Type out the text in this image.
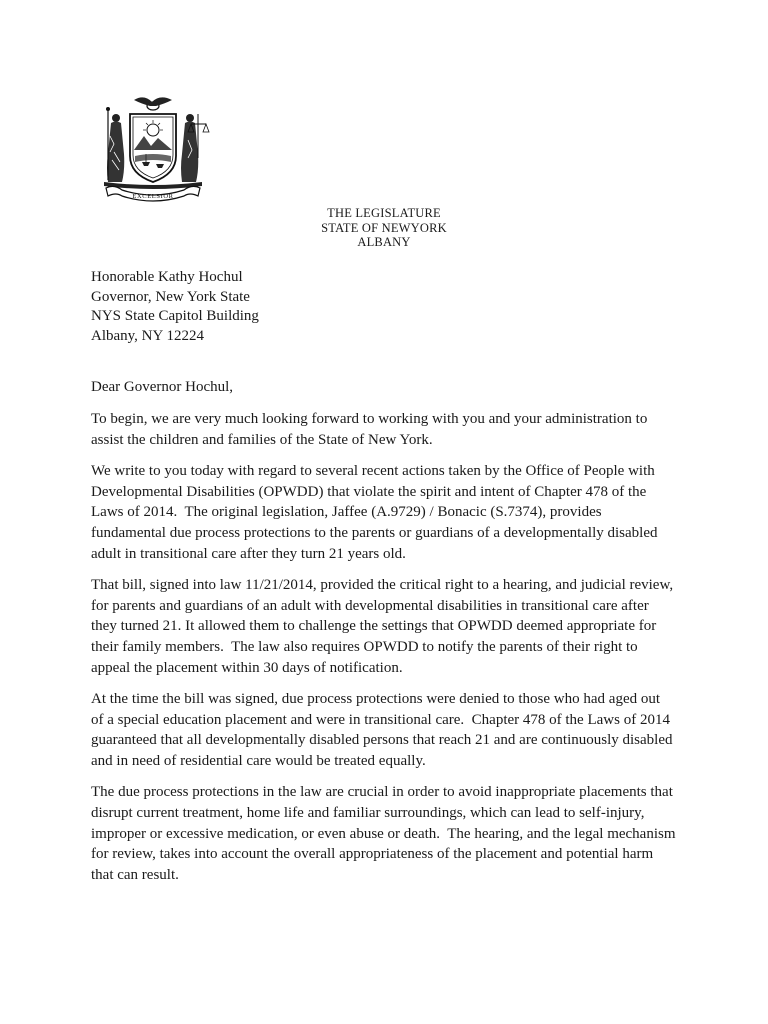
EXCELSIOR
THE LEGISLATURE
STATE OF NEWYORK
ALBANY
Honorable Kathy Hochul
Governor, New York State
NYS State Capitol Building
Albany, NY 12224
Dear Governor Hochul,

To begin, we are very much looking forward to working with you and your administration to
assist the children and families of the State of New York.

We write to you today with regard to several recent actions taken by the Office of People with
Developmental Disabilities (OPWDD) that violate the spirit and intent of Chapter 478 of the
Laws of 2014.  The original legislation, Jaffee (A.9729) / Bonacic (S.7374), provides
fundamental due process protections to the parents or guardians of a developmentally disabled
adult in transitional care after they turn 21 years old.

That bill, signed into law 11/21/2014, provided the critical right to a hearing, and judicial review,
for parents and guardians of an adult with developmental disabilities in transitional care after
they turned 21. It allowed them to challenge the settings that OPWDD deemed appropriate for
their family members.  The law also requires OPWDD to notify the parents of their right to
appeal the placement within 30 days of notification.

At the time the bill was signed, due process protections were denied to those who had aged out
of a special education placement and were in transitional care.  Chapter 478 of the Laws of 2014
guaranteed that all developmentally disabled persons that reach 21 and are continuously disabled
and in need of residential care would be treated equally.

The due process protections in the law are crucial in order to avoid inappropriate placements that
disrupt current treatment, home life and familiar surroundings, which can lead to self-injury,
improper or excessive medication, or even abuse or death.  The hearing, and the legal mechanism
for review, takes into account the overall appropriateness of the placement and potential harm
that can result.
